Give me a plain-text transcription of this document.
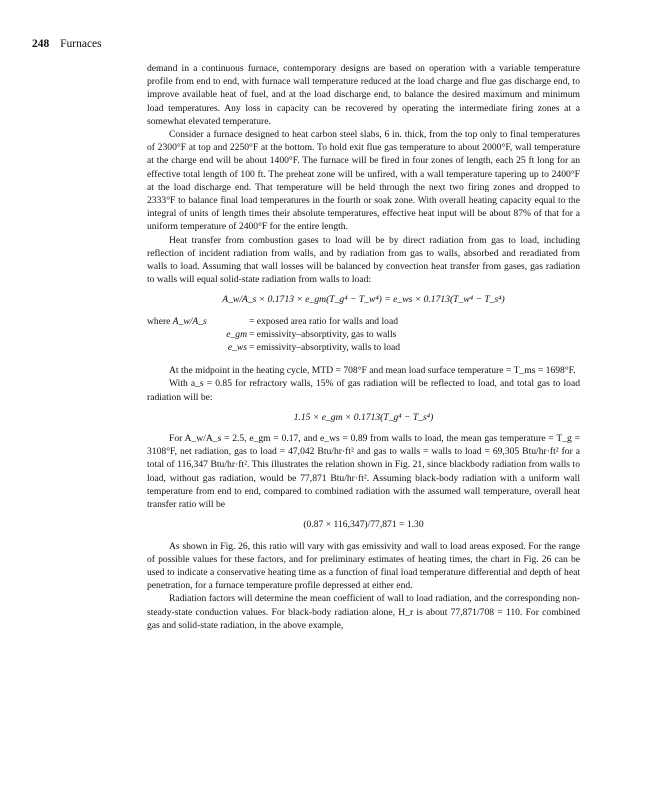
248 Furnaces

demand in a continuous furnace, contemporary designs are based on operation with a variable temperature profile from end to end, with furnace wall temperature reduced at the load charge and flue gas discharge end, to improve available heat of fuel, and at the load discharge end, to balance the desired maximum and minimum load temperatures. Any loss in capacity can be recovered by operating the intermediate firing zones at a somewhat elevated temperature.

Consider a furnace designed to heat carbon steel slabs, 6 in. thick, from the top only to final temperatures of 2300°F at top and 2250°F at the bottom. To hold exit flue gas temperature to about 2000°F, wall temperature at the charge end will be about 1400°F. The furnace will be fired in four zones of length, each 25 ft long for an effective total length of 100 ft. The preheat zone will be unfired, with a wall temperature tapering up to 2400°F at the load discharge end. That temperature will be held through the next two firing zones and dropped to 2333°F to balance final load temperatures in the fourth or soak zone. With overall heating capacity equal to the integral of units of length times their absolute temperatures, effective heat input will be about 87% of that for a uniform temperature of 2400°F for the entire length.

Heat transfer from combustion gases to load will be by direct radiation from gas to load, including reflection of incident radiation from walls, and by radiation from gas to walls, absorbed and reradiated from walls to load. Assuming that wall losses will be balanced by convection heat transfer from gases, gas radiation to walls will equal solid-state radiation from walls to load:

A_w/A_s × 0.1713 × e_gm(T_g⁴ − T_w⁴) = e_ws × 0.1713(T_w⁴ − T_s⁴)
where A_w/A_s	= exposed area ratio for walls and load
e_gm = emissivity–absorptivity, gas to walls
e_ws = emissivity–absorptivity, walls to load

At the midpoint in the heating cycle, MTD = 708°F and mean load surface temperature = T_ms = 1698°F.

With a_s = 0.85 for refractory walls, 15% of gas radiation will be reflected to load, and total gas to load radiation will be:

1.15 × e_gm × 0.1713(T_g⁴ − T_s⁴)

For A_w/A_s = 2.5, e_gm = 0.17, and e_ws = 0.89 from walls to load, the mean gas temperature = T_g = 3108°F, net radiation, gas to load = 47,042 Btu/hr·ft² and gas to walls = walls to load = 69,305 Btu/hr·ft² for a total of 116,347 Btu/hr·ft². This illustrates the relation shown in Fig. 21, since blackbody radiation from walls to load, without gas radiation, would be 77,871 Btu/hr·ft². Assuming black-body radiation with a uniform wall temperature from end to end, compared to combined radiation with the assumed wall temperature, overall heat transfer ratio will be

(0.87 × 116,347)/77,871 = 1.30

As shown in Fig. 26, this ratio will vary with gas emissivity and wall to load areas exposed. For the range of possible values for these factors, and for preliminary estimates of heating times, the chart in Fig. 26 can be used to indicate a conservative heating time as a function of final load temperature differential and depth of heat penetration, for a furnace temperature profile depressed at either end.

Radiation factors will determine the mean coefficient of wall to load radiation, and the corresponding non-steady-state conduction values. For black-body radiation alone, H_r is about 77,871/708 = 110. For combined gas and solid-state radiation, in the above example,
